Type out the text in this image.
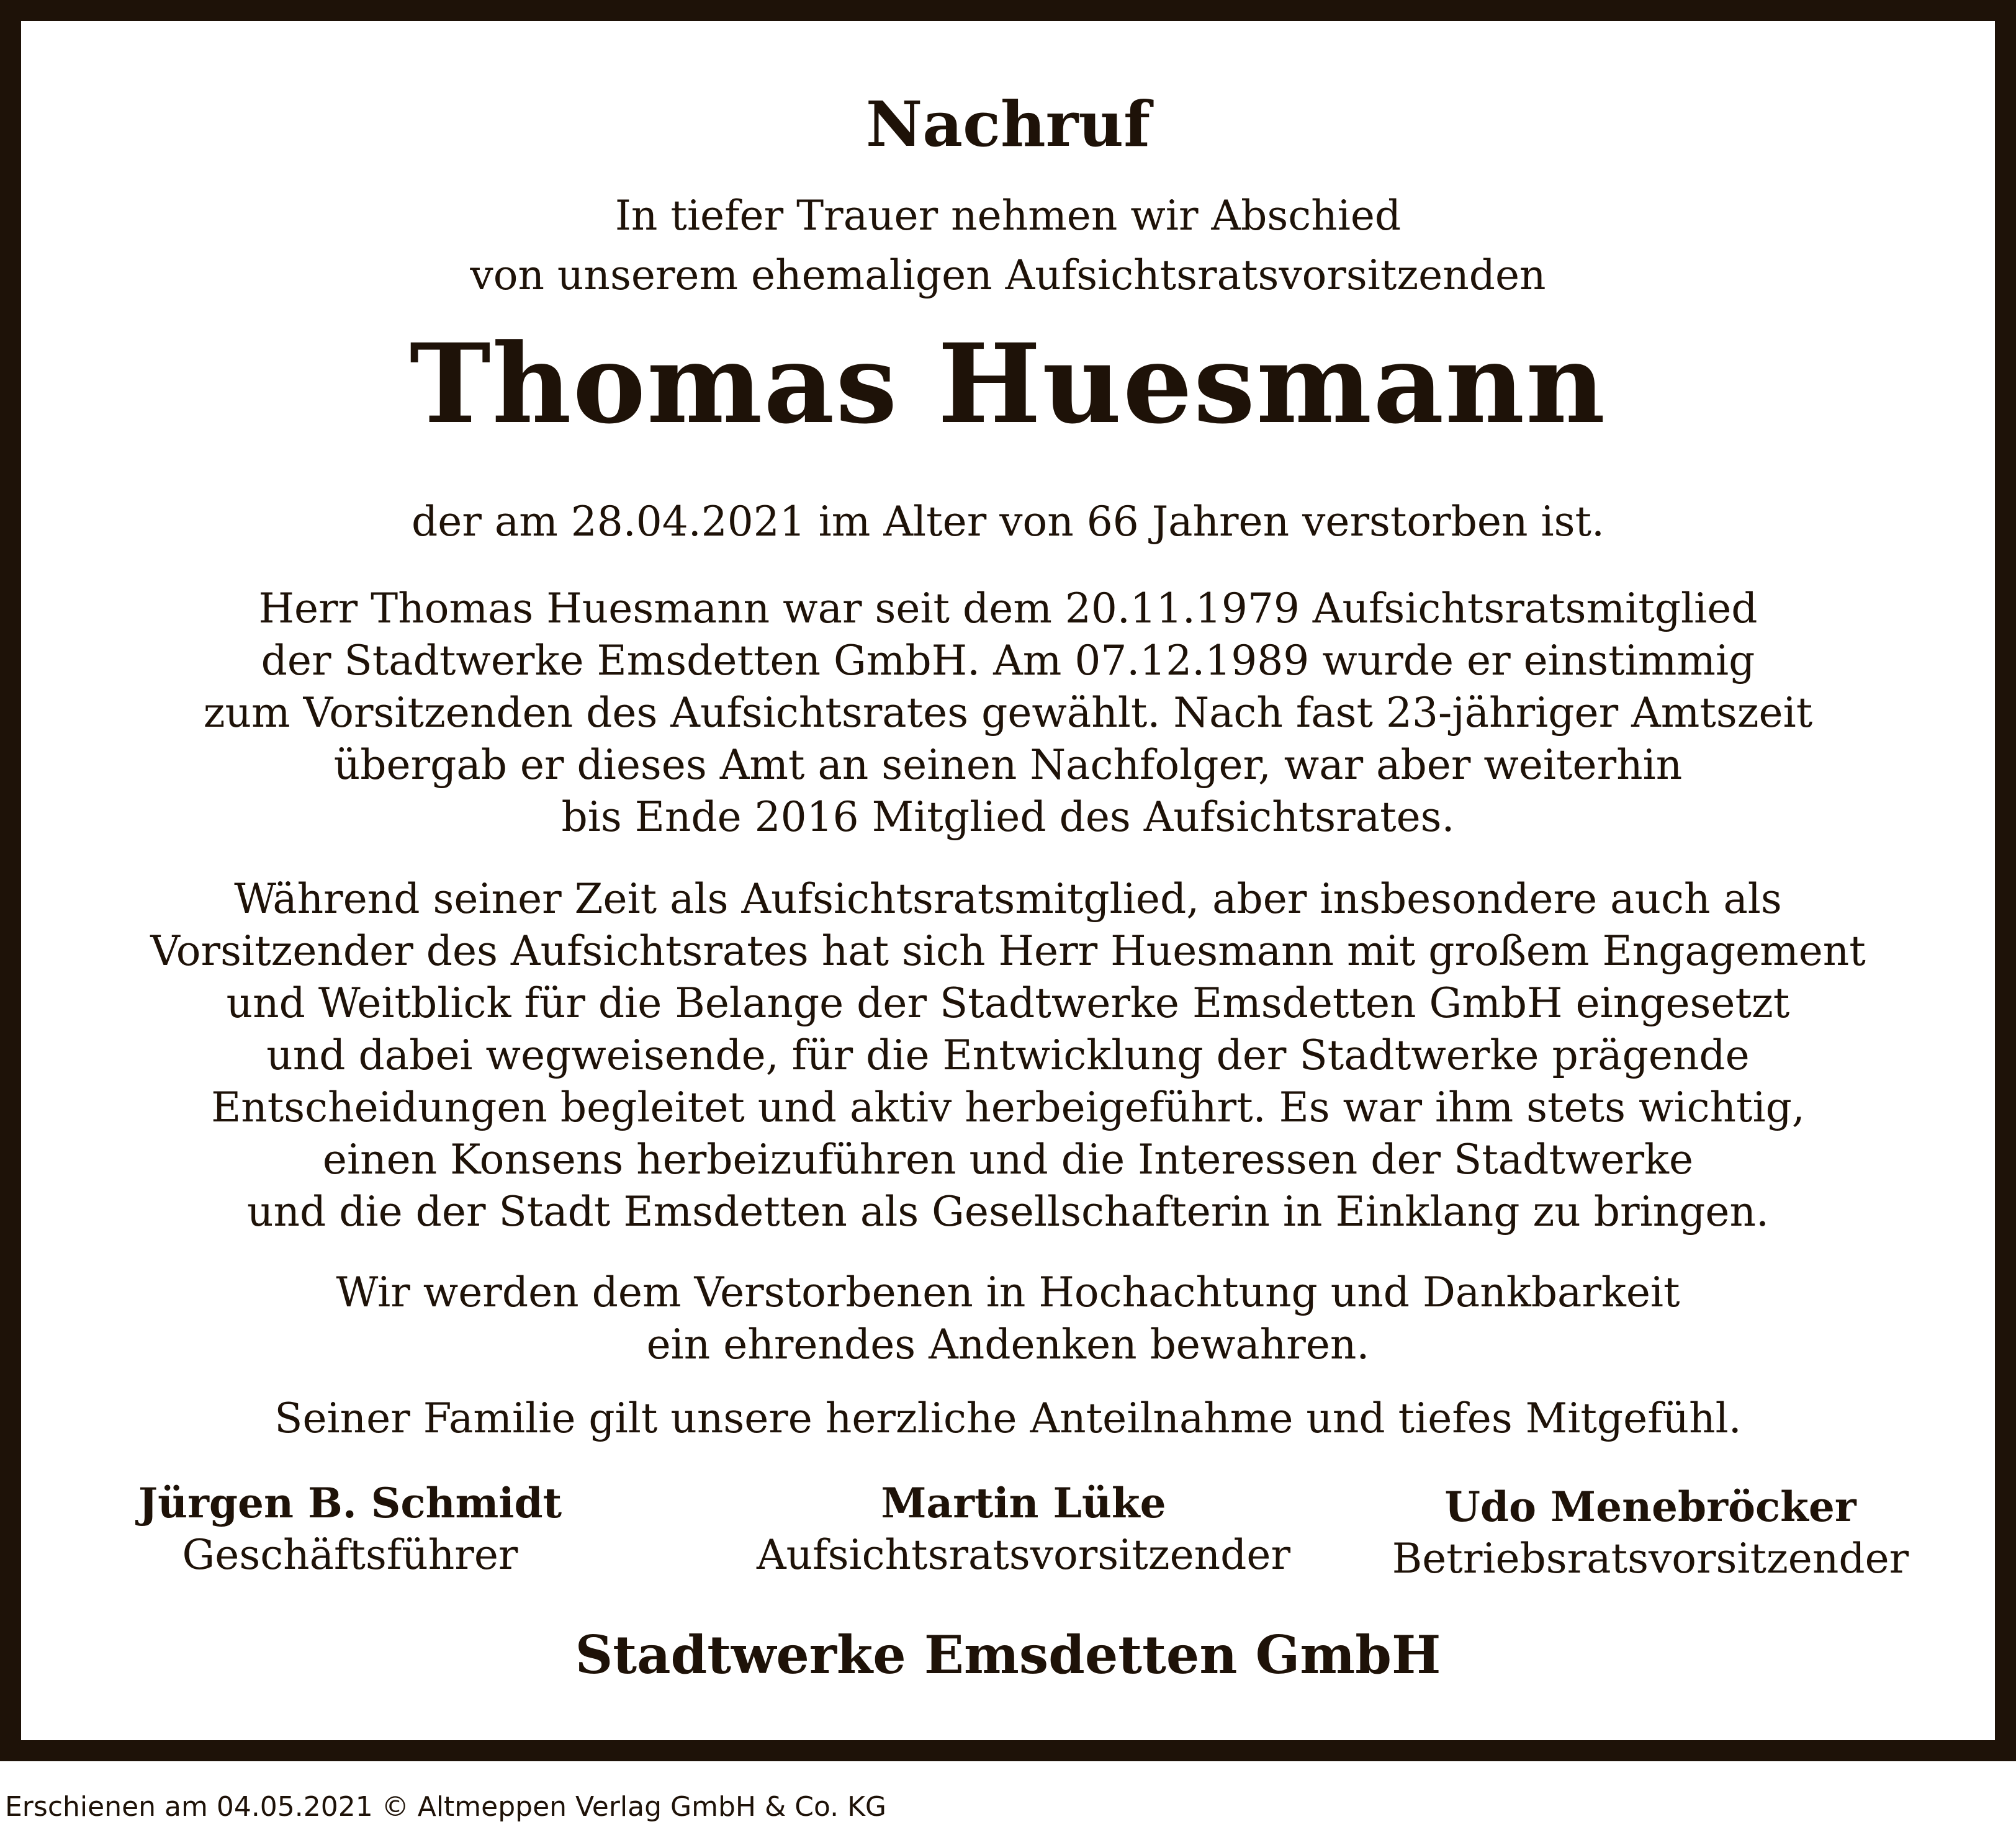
Nachruf
In tiefer Trauer nehmen wir Abschied
von unserem ehemaligen Aufsichtsratsvorsitzenden
Thomas Huesmann
der am 28.04.2021 im Alter von 66 Jahren verstorben ist.
Herr Thomas Huesmann war seit dem 20.11.1979 Aufsichtsratsmitglied
der Stadtwerke Emsdetten GmbH. Am 07.12.1989 wurde er einstimmig
zum Vorsitzenden des Aufsichtsrates gewählt. Nach fast 23-jähriger Amtszeit
übergab er dieses Amt an seinen Nachfolger, war aber weiterhin
bis Ende 2016 Mitglied des Aufsichtsrates.
Während seiner Zeit als Aufsichtsratsmitglied, aber insbesondere auch als
Vorsitzender des Aufsichtsrates hat sich Herr Huesmann mit großem Engagement
und Weitblick für die Belange der Stadtwerke Emsdetten GmbH eingesetzt
und dabei wegweisende, für die Entwicklung der Stadtwerke prägende
Entscheidungen begleitet und aktiv herbeigeführt. Es war ihm stets wichtig,
einen Konsens herbeizuführen und die Interessen der Stadtwerke
und die der Stadt Emsdetten als Gesellschafterin in Einklang zu bringen.
Wir werden dem Verstorbenen in Hochachtung und Dankbarkeit
ein ehrendes Andenken bewahren.
Seiner Familie gilt unsere herzliche Anteilnahme und tiefes Mitgefühl.
Jürgen B. Schmidt
Geschäftsführer
Martin Lüke
Aufsichtsratsvorsitzender
Udo Menebröcker
Betriebsratsvorsitzender
Stadtwerke Emsdetten GmbH
Erschienen am 04.05.2021 © Altmeppen Verlag GmbH & Co. KG
